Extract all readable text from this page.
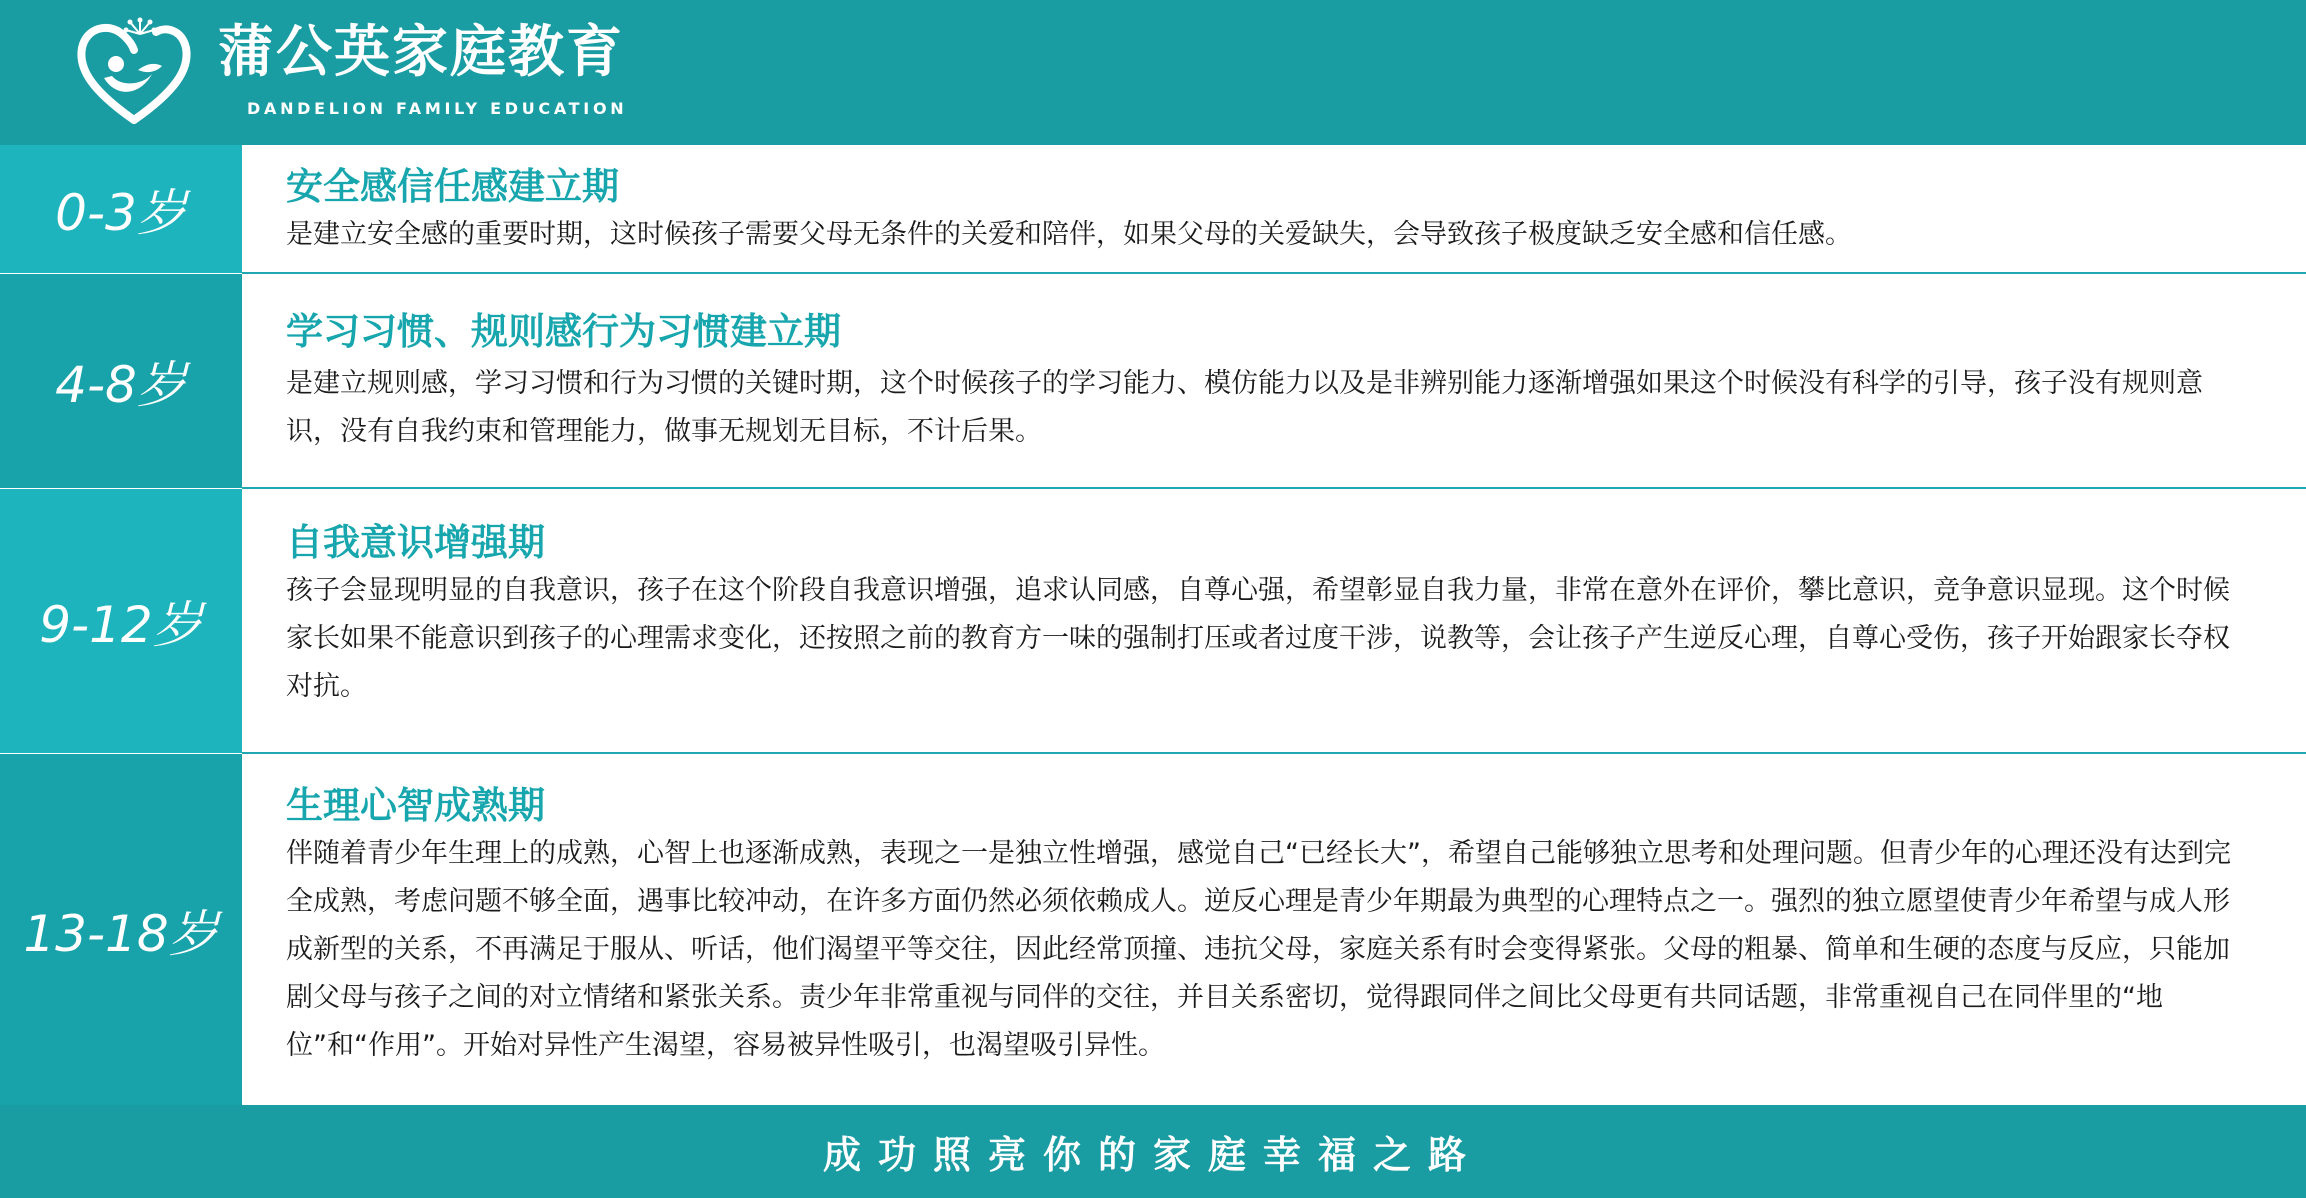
蒲公英家庭教育
DANDELION FAMILY EDUCATION
0-3岁	安全感信任感建立期
是建立安全感的重要时期，这时候孩子需要父母无条件的关爱和陪伴，如果父母的关爱缺失，会导致孩子极度缺乏安全感和信任感。
4-8岁
学习习惯、规则感行为习惯建立期
是建立规则感，学习习惯和行为习惯的关键时期，这个时候孩子的学习能力、模仿能力以及是非辨别能力逐渐增强如果这个时候没有科学的引导，孩子没有规则意识，没有自我约束和管理能力，做事无规划无目标，不计后果。
9-12岁
自我意识增强期
孩子会显现明显的自我意识，孩子在这个阶段自我意识增强，追求认同感，自尊心强，希望彰显自我力量，非常在意外在评价，攀比意识，竞争意识显现。这个时候家长如果不能意识到孩子的心理需求变化，还按照之前的教育方一味的强制打压或者过度干涉，说教等，会让孩子产生逆反心理，自尊心受伤，孩子开始跟家长夺权对抗。
13-18岁
生理心智成熟期
伴随着青少年生理上的成熟，心智上也逐渐成熟，表现之一是独立性增强，感觉自己“已经长大”，希望自己能够独立思考和处理问题。但青少年的心理还没有达到完全成熟，考虑问题不够全面，遇事比较冲动，在许多方面仍然必须依赖成人。逆反心理是青少年期最为典型的心理特点之一。强烈的独立愿望使青少年希望与成人形成新型的关系，不再满足于服从、听话，他们渴望平等交往，因此经常顶撞、违抗父母，家庭关系有时会变得紧张。父母的粗暴、简单和生硬的态度与反应，只能加剧父母与孩子之间的对立情绪和紧张关系。责少年非常重视与同伴的交往，并目关系密切，觉得跟同伴之间比父母更有共同话题，非常重视自己在同伴里的“地位”和“作用”。开始对异性产生渴望，容易被异性吸引，也渴望吸引异性。
成功照亮你的家庭幸福之路
